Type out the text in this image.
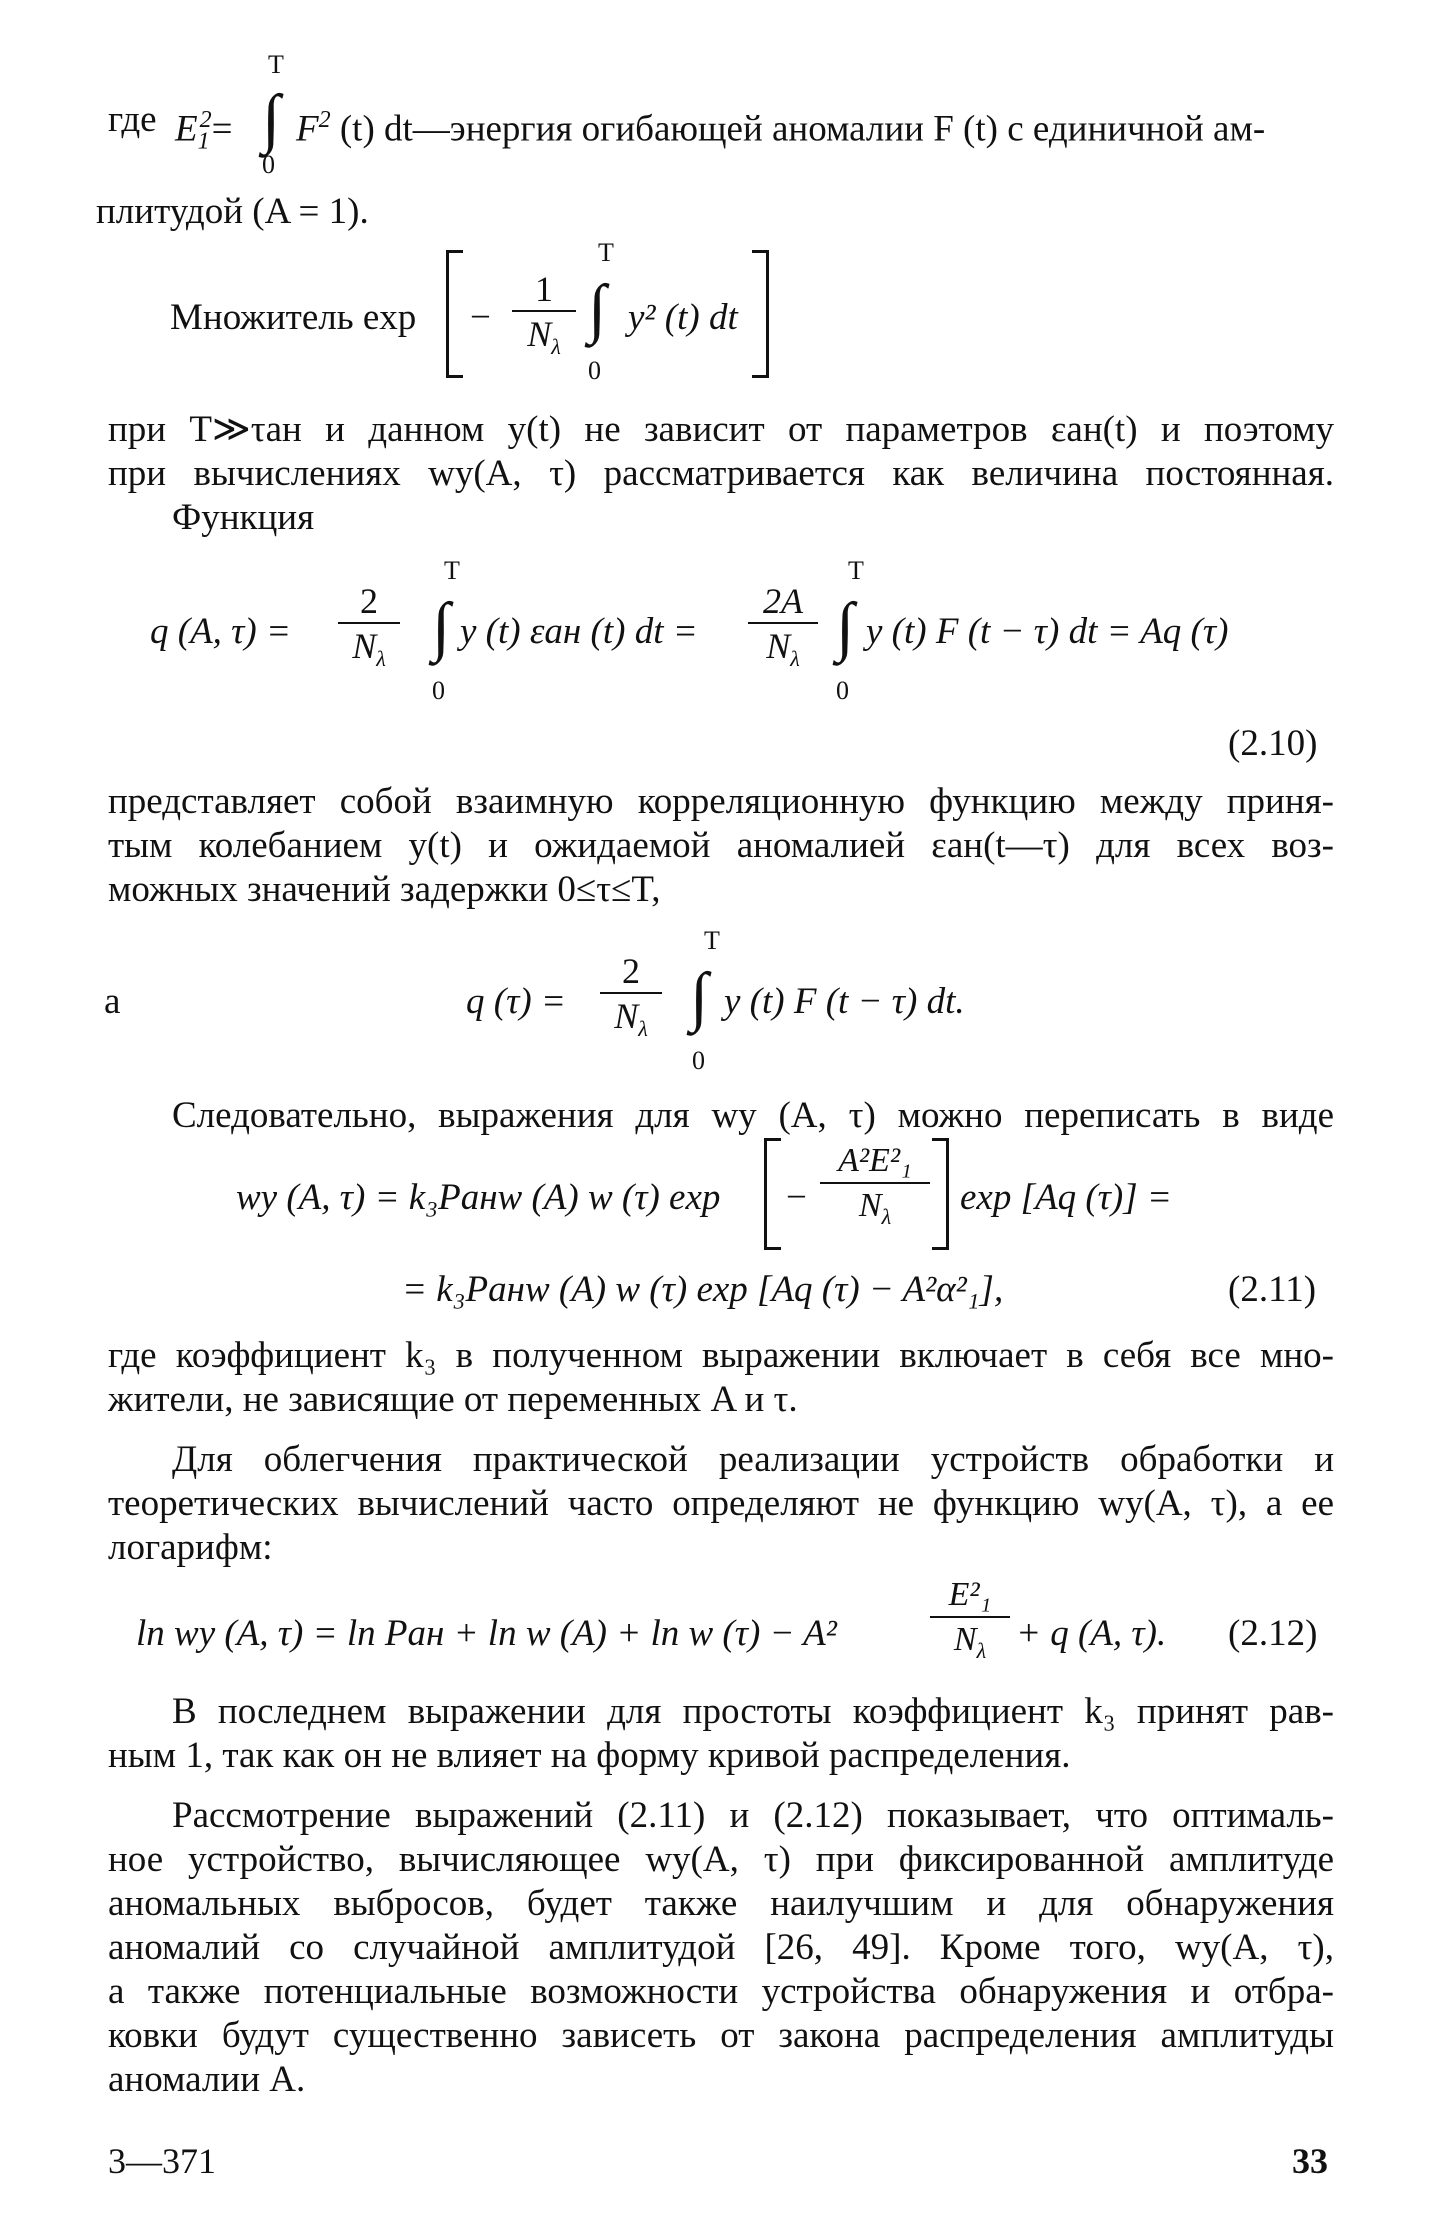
T
где $E_1^2=$ ∫ $F^2$ (t) dt—энергия огибающей аномалии F (t) с единичной ам-
0
плитудой (A = 1).
Множитель $\exp - \frac{1}{N_\lambda}$
T
∫
0
y² (t) dt
при T≫τан и данном y(t) не зависит от параметров εан(t) и поэтому
при вычислениях wy(A, τ) рассматривается как величина постоянная.
Функция
q (A, $\tau) = \frac{2}{N_\lambda}$
T
∫
0
y (t) εан (t) dt = $\frac{2A}{N_\lambda}$
T
∫
0
y (t) F (t − τ) dt = Aq (τ)
(2.10)
представляет собой взаимную корреляционную функцию между приня-
тым колебанием y(t) и ожидаемой аномалией εан(t—τ) для всех воз-
можных значений задержки 0≤τ≤T,
а	q $(\tau) = \frac{2}{N_\lambda}$
T
∫
0
y (t) F (t − τ) dt.
Следовательно, выражения для wy (A, τ) можно переписать в виде
wy (A, τ) = k₃Pанw (A) w (τ) $\exp - \frac{\text{A²E²₁}}{N_\lambda}$ exp [Aq (τ)] =
= k₃Pанw (A) w (τ) exp [Aq (τ) − A²α²₁],	(2.11)
где коэффициент k₃ в полученном выражении включает в себя все мно-
жители, не зависящие от переменных A и τ.
Для облегчения практической реализации устройств обработки и
теоретических вычислений часто определяют не функцию wy(A, τ), а ее
логарифм:
ln wy (A, τ) = ln Pан + ln w (A) + ln w (τ) − A²	$\frac{\text{E²₁}}{N_\lambda} + q$ (A, τ). (2.12)
В последнем выражении для простоты коэффициент k₃ принят рав-
ным 1, так как он не влияет на форму кривой распределения.
Рассмотрение выражений (2.11) и (2.12) показывает, что оптималь-
ное устройство, вычисляющее wy(A, τ) при фиксированной амплитуде
аномальных выбросов, будет также наилучшим и для обнаружения
аномалий со случайной амплитудой [26, 49]. Кроме того, wy(A, τ),
а также потенциальные возможности устройства обнаружения и отбра-
ковки будут существенно зависеть от закона распределения амплитуды
аномалии A.
3—371	33
